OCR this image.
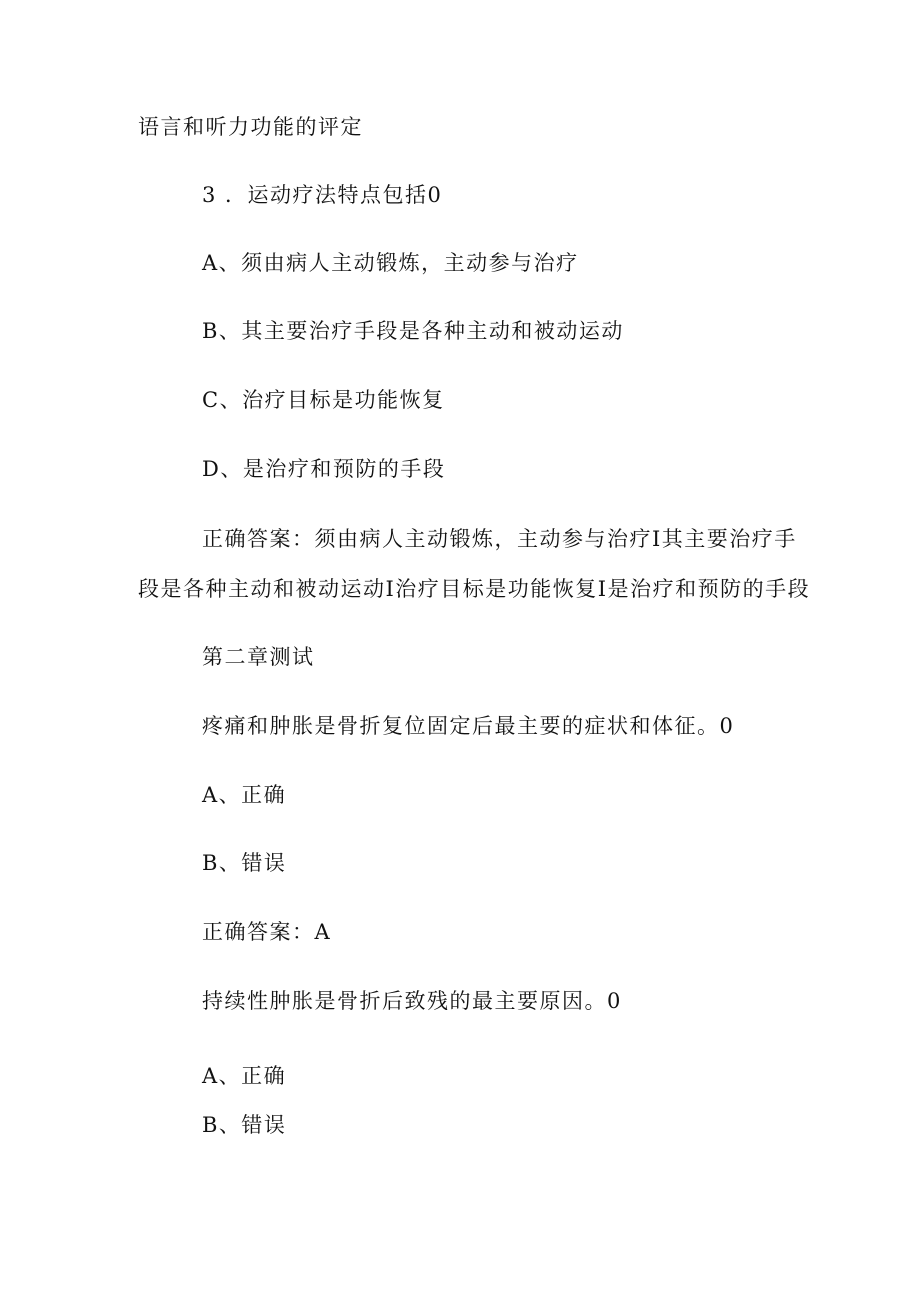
语言和听力功能的评定
3 ．运动疗法特点包括0
A、须由病人主动锻炼，主动参与治疗
B、其主要治疗手段是各种主动和被动运动
C、治疗目标是功能恢复
D、是治疗和预防的手段
正确答案：须由病人主动锻炼，主动参与治疗I其主要治疗手
段是各种主动和被动运动I治疗目标是功能恢复I是治疗和预防的手段
第二章测试
疼痛和肿胀是骨折复位固定后最主要的症状和体征。0
A、正确
B、错误
正确答案：A
持续性肿胀是骨折后致残的最主要原因。0
A、正确
B、错误
